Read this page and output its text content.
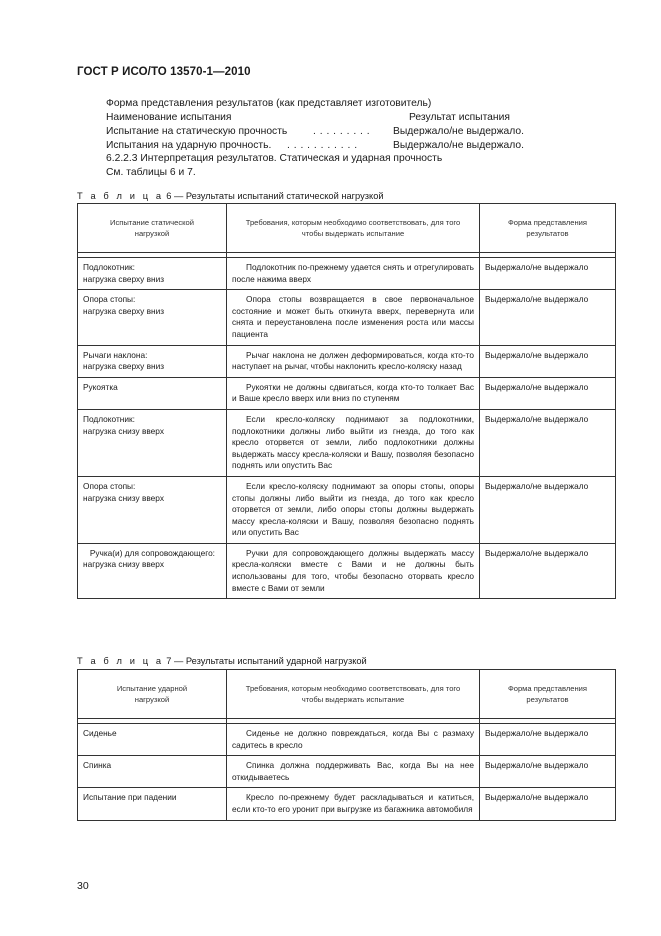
ГОСТ Р ИСО/ТО 13570-1—2010
Форма представления результатов (как представляет изготовитель)
Наименование испытания	Результат испытания
Испытание на статическую прочность . . . . . . . . . Выдержало/не выдержало.
Испытания на ударную прочность. . . . . . . . . . . .	Выдержало/не выдержало.
6.2.2.3 Интерпретация результатов. Статическая и ударная прочность
См. таблицы 6 и 7.
Т а б л и ц а 6 — Результаты испытаний статической нагрузкой
Испытание статической нагрузкой	Требования, которым необходимо соответствовать, для того чтобы выдержать испытание	Форма представления результатов

Подлокотник:
нагрузка сверху вниз	Подлокотник по-прежнему удается снять и отрегулировать после нажима вверх	Выдержало/не выдержало

Опора стопы:
нагрузка сверху вниз	Опора стопы возвращается в свое первоначальное состояние и может быть откинута вверх, перевернута или снята и переустановлена после изменения роста или массы пациента	Выдержало/не выдержало

Рычаги наклона:
нагрузка сверху вниз	Рычаг наклона не должен деформироваться, когда кто-то наступает на рычаг, чтобы наклонить кресло-коляску назад	Выдержало/не выдержало

Рукоятка	Рукоятки не должны сдвигаться, когда кто-то толкает Вас и Ваше кресло вверх или вниз по ступеням	Выдержало/не выдержало

Подлокотник:
нагрузка снизу вверх	Если кресло-коляску поднимают за подлокотники, подлокотники должны либо выйти из гнезда, до того как кресло оторвется от земли, либо подлокотники должны выдержать массу кресла-коляски и Вашу, позволяя безопасно поднять или опустить Вас	Выдержало/не выдержало

Опора стопы:
нагрузка снизу вверх	Если кресло-коляску поднимают за опоры стопы, опоры стопы должны либо выйти из гнезда, до того как кресло оторвется от земли, либо опоры стопы должны выдержать массу кресла-коляски и Вашу, позволяя безопасно поднять или опустить Вас	Выдержало/не выдержало

Ручка(и) для сопровождающего:
нагрузка снизу вверх	Ручки для сопровождающего должны выдержать массу кресла-коляски вместе с Вами и не должны быть использованы для того, чтобы безопасно оторвать кресло вместе с Вами от земли	Выдержало/не выдержало
Т а б л и ц а 7 — Результаты испытаний ударной нагрузкой
Испытание ударной нагрузкой	Требования, которым необходимо соответствовать, для того чтобы выдержать испытание	Форма представления результатов

Сиденье	Сиденье не должно повреждаться, когда Вы с размаху садитесь в кресло	Выдержало/не выдержало

Спинка	Спинка должна поддерживать Вас, когда Вы на нее откидываетесь	Выдержало/не выдержало

Испытание при падении	Кресло по-прежнему будет раскладываться и катиться, если кто-то его уронит при выгрузке из багажника автомобиля	Выдержало/не выдержало
30
